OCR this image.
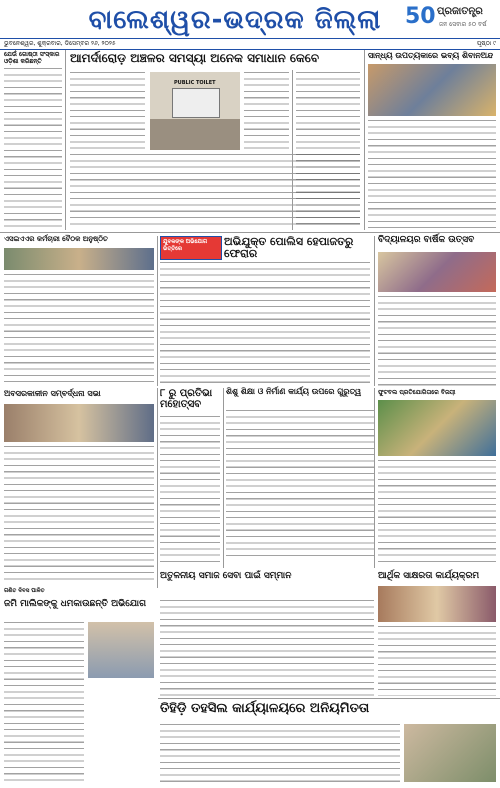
ବାଲେଶ୍ୱର-ଭଦ୍ରକ ଜିଲ୍ଲା	50 ପ୍ରଜାତନ୍ତ୍ର
ଜନ ସେବାର ୫୦ ବର୍ଷ
ଭୁବନେଶ୍ୱର, ଶୁକ୍ରବାର, ଡିସେମ୍ବର ୨୬, ୨୦୨୫	ପୃଷ୍ଠା ୯
ଯେଉଁ ଗୋଷ୍ଠୀ ସଂସ୍କାର ଓଡ଼ିଶା କରିଛନ୍ତି	ଆମର୍ଦାରୋଡ଼ ଅଞ୍ଚଳର ସମସ୍ୟା ଅନେକ ସମାଧାନ କେବେ
PUBLIC TOILET
ସାନ୍ଧ୍ୟ ଉପତ୍ୟକାରେ ଭବ୍ୟ ଶିବାନଅନ୍ଦ
ଏସଇଏଏର କର୍ମଚାରୀ ବୈଠକ ଅନୁଷ୍ଠିତ	ଯୁବକଙ୍କ ଅଭିଯୋଗ ଭିତ୍ତିରେ
ଅଭିଯୁକ୍ତ ପୋଲିସ ହେପାଜତରୁ ଫେରାର
ବିଦ୍ୟାଳୟର ବାର୍ଷିକ ଉତ୍ସବ
୮ ରୁ ପ୍ରତିଭା ମହୋତ୍ସବ
ଶିଶୁ ଶିକ୍ଷା ଓ ନିର୍ମାଣ କାର୍ଯ୍ୟ ଉପରେ ଗୁରୁତ୍ୱ
ଅବସରକାଳୀନ ସମ୍ବର୍ଦ୍ଧନା ସଭା	ଫୁଟବଲ ପ୍ରତିଯୋଗିତାରେ ବିଜୟୀ
ଅତୁଳନୀୟ ସମାଜ ସେବା ପାଇଁ ସମ୍ମାନ	ଆର୍ଥିକ ସାକ୍ଷରତା କାର୍ଯ୍ୟକ୍ରମ
ଗଣିତ ଦିବସ ପାଳିତ
ଜମି ମାଲିକଙ୍କୁ ଧମକାଉଛନ୍ତି ଅଭିଯୋଗ
ତିହିଡ଼ି ତହସିଲ କାର୍ଯ୍ୟାଳୟରେ ଅନିୟମିତତା
